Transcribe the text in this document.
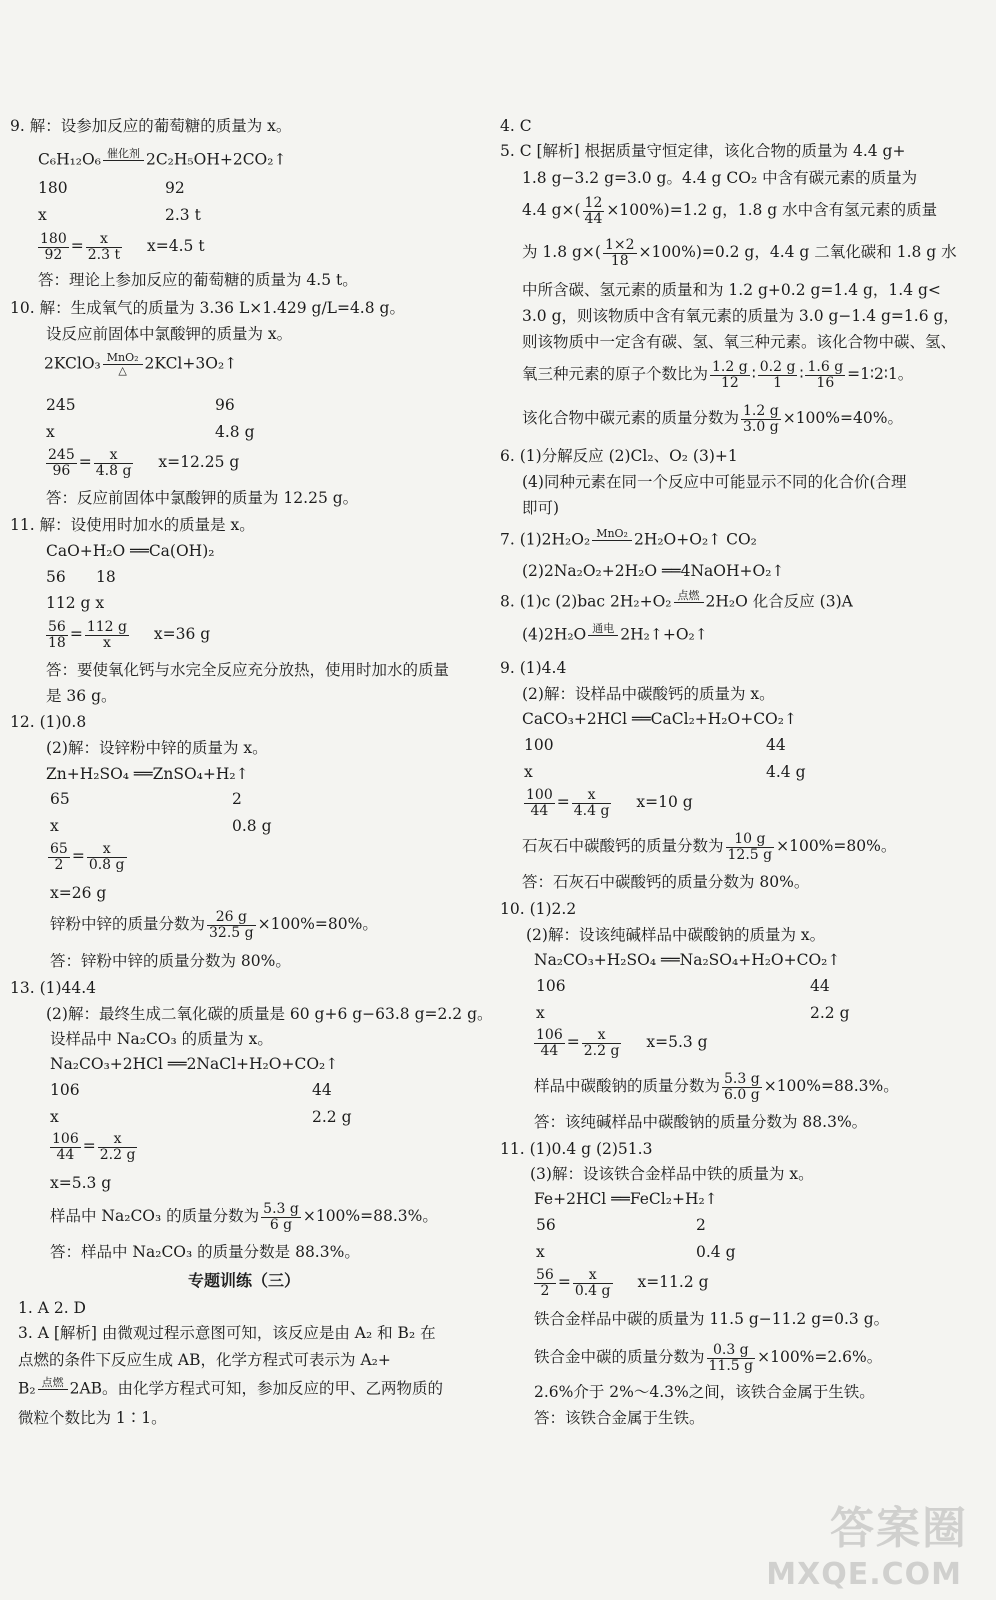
9. 解：设参加反应的葡萄糖的质量为 x。
C₆H₁₂O₆ 催化剂 2C₂H₅OH+2CO₂↑
180	92
x	2.3 t
$\frac{180}{92} = \frac{x}{2.3 t} x=4.5$ t
答：理论上参加反应的葡萄糖的质量为 4.5 t。
10. 解：生成氧气的质量为 3.36 L×1.429 g/L=4.8 g。
设反应前固体中氯酸钾的质量为 x。
2KClO₃ MnO₂
△	2KCl+3O₂↑
245	96
x	4.8 g
$\frac{245}{96} = \frac{x}{4.8 g} x=12.25$ g
答：反应前固体中氯酸钾的质量为 12.25 g。
11. 解：设使用时加水的质量是 x。
CaO+H₂O ══Ca(OH)₂
56 18
112 g x
$\frac{56}{18} = \frac{112 g}{x} x=36$ g
答：要使氧化钙与水完全反应充分放热，使用时加水的质量
是 36 g。
12. (1)0.8
(2)解：设锌粉中锌的质量为 x。
Zn+H₂SO₄ ══ZnSO₄+H₂↑
65	2
x	0.8 g
$\frac{65}{2} = \frac{x}{0.8 g}$
x=26 g
锌粉中锌的质量分数为 $\frac{26 g}{32.5 g} \times 100\%=80\%$。
答：锌粉中锌的质量分数为 80%。
13. (1)44.4
(2)解：最终生成二氧化碳的质量是 60 g+6 g−63.8 g=2.2 g。
设样品中 Na₂CO₃ 的质量为 x。
Na₂CO₃+2HCl ══2NaCl+H₂O+CO₂↑
106	44
x	2.2 g
$\frac{106}{44} = \frac{x}{2.2 g}$
x=5.3 g
样品中 Na₂CO₃ 的质量分数为 $\frac{5.3 g}{6 g} \times 100\%=88.3\%$。
答：样品中 Na₂CO₃ 的质量分数是 88.3%。
专题训练（三）
1. A 2. D
3. A [解析] 由微观过程示意图可知，该反应是由 A₂ 和 B₂ 在
点燃的条件下反应生成 AB，化学方程式可表示为 A₂+
B₂ 点燃 2AB。由化学方程式可知，参加反应的甲、乙两物质的
微粒个数比为 1∶1。
4. C
5. C [解析] 根据质量守恒定律，该化合物的质量为 4.4 g+
1.8 g−3.2 g=3.0 g。4.4 g CO₂ 中含有碳元素的质量为
4.4 $g\times( \frac{12}{44} \times 100\%)=1.2$ g，1.8 g 水中含有氢元素的质量
为 1.8 $g\times( \frac{1\times 2}{18} \times 100\%)=0.2$ g，4.4 g 二氧化碳和 1.8 g 水
中所含碳、氢元素的质量和为 1.2 g+0.2 g=1.4 g，1.4 g<
3.0 g，则该物质中含有氧元素的质量为 3.0 g−1.4 g=1.6 g，
则该物质中一定含有碳、氢、氧三种元素。该化合物中碳、氢、
氧三种元素的原子个数比为 $\frac{1.2 g}{12}$ ∶ $\frac{0.2 g}{1}$ ∶ $\frac{1.6 g}{16}$ =1∶2∶1。
该化合物中碳元素的质量分数为 $\frac{1.2 g}{3.0 g} \times 100\%=40\%$。
6. (1)分解反应 (2)Cl₂、O₂ (3)+1
(4)同种元素在同一个反应中可能显示不同的化合价(合理
即可)
7. (1)2H₂O₂ MnO₂ 2H₂O+O₂↑ CO₂
(2)2Na₂O₂+2H₂O ══4NaOH+O₂↑
8. (1)c (2)bac 2H₂+O₂ 点燃 2H₂O 化合反应 (3)A
(4)2H₂O 通电 2H₂↑+O₂↑
9. (1)4.4
(2)解：设样品中碳酸钙的质量为 x。
CaCO₃+2HCl ══CaCl₂+H₂O+CO₂↑
100	44
x	4.4 g
$\frac{100}{44} = \frac{x}{4.4 g} x=10$ g
石灰石中碳酸钙的质量分数为 $\frac{10 g}{12.5 g} \times 100\%=80\%$。
答：石灰石中碳酸钙的质量分数为 80%。
10. (1)2.2
(2)解：设该纯碱样品中碳酸钠的质量为 x。
Na₂CO₃+H₂SO₄ ══Na₂SO₄+H₂O+CO₂↑
106	44
x	2.2 g
$\frac{106}{44} = \frac{x}{2.2 g} x=5.3$ g
样品中碳酸钠的质量分数为 $\frac{5.3 g}{6.0 g} \times 100\%=88.3\%$。
答：该纯碱样品中碳酸钠的质量分数为 88.3%。
11. (1)0.4 g (2)51.3
(3)解：设该铁合金样品中铁的质量为 x。
Fe+2HCl ══FeCl₂+H₂↑
56	2
x	0.4 g
$\frac{56}{2} = \frac{x}{0.4 g} x=11.2$ g
铁合金样品中碳的质量为 11.5 g−11.2 g=0.3 g。
铁合金中碳的质量分数为 $\frac{0.3 g}{11.5 g} \times 100\%=2.6\%$。
2.6%介于 2%～4.3%之间，该铁合金属于生铁。
答：该铁合金属于生铁。
答案圈
MXQE.COM
